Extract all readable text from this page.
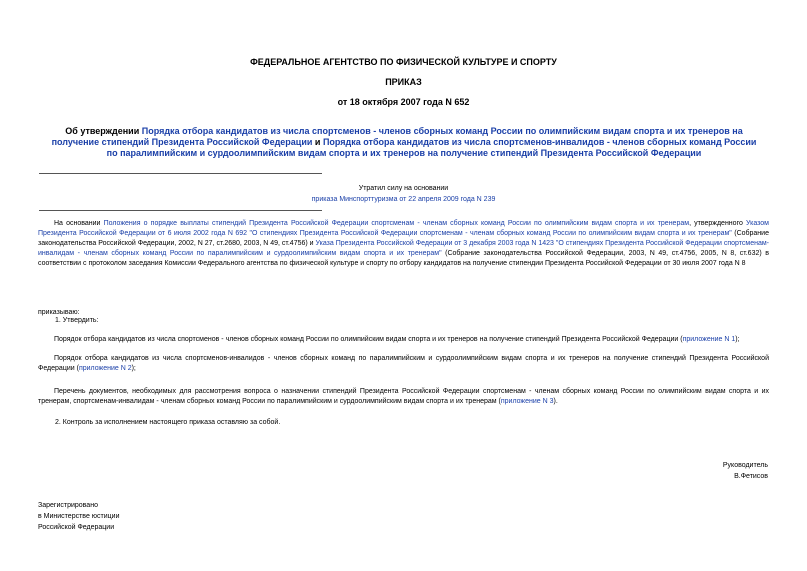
ФЕДЕРАЛЬНОЕ АГЕНТСТВО ПО ФИЗИЧЕСКОЙ КУЛЬТУРЕ И СПОРТУ
ПРИКАЗ
от 18 октября 2007 года N 652
Об утверждении Порядка отбора кандидатов из числа спортсменов - членов сборных команд России по олимпийским видам спорта и их тренеров на получение стипендий Президента Российской Федерации и Порядка отбора кандидатов из числа спортсменов-инвалидов - членов сборных команд России по паралимпийским и сурдоолимпийским видам спорта и их тренеров на получение стипендий Президента Российской Федерации
Утратил силу на основании
приказа Минспорттуризма от 22 апреля 2009 года N 239
На основании Положения о порядке выплаты стипендий Президента Российской Федерации спортсменам - членам сборных команд России по олимпийским видам спорта и их тренерам, утвержденного Указом Президента Российской Федерации от 6 июля 2002 года N 692 "О стипендиях Президента Российской Федерации спортсменам - членам сборных команд России по олимпийским видам спорта и их тренерам" (Собрание законодательства Российской Федерации, 2002, N 27, ст.2680, 2003, N 49, ст.4756) и Указа Президента Российской Федерации от 3 декабря 2003 года N 1423 "О стипендиях Президента Российской Федерации спортсменам-инвалидам - членам сборных команд России по паралимпийским и сурдоолимпийским видам спорта и их тренерам" (Собрание законодательства Российской Федерации, 2003, N 49, ст.4756, 2005, N 8, ст.632) в соответствии с протоколом заседания Комиссии Федерального агентства по физической культуре и спорту по отбору кандидатов на получение стипендии Президента Российской Федерации от 30 июля 2007 года N 8
приказываю:
1. Утвердить:
Порядок отбора кандидатов из числа спортсменов - членов сборных команд России по олимпийским видам спорта и их тренеров на получение стипендий Президента Российской Федерации (приложение N 1);
Порядок отбора кандидатов из числа спортсменов-инвалидов - членов сборных команд по паралимпийским и сурдоолимпийским видам спорта и их тренеров на получение стипендий Президента Российской Федерации (приложение N 2);
Перечень документов, необходимых для рассмотрения вопроса о назначении стипендий Президента Российской Федерации спортсменам - членам сборных команд России по олимпийским видам спорта и их тренерам, спортсменам-инвалидам - членам сборных команд России по паралимпийским и сурдоолимпийским видам спорта и их тренерам (приложение N 3).
2. Контроль за исполнением настоящего приказа оставляю за собой.
Руководитель
В.Фетисов
Зарегистрировано
в Министерстве юстиции
Российской Федерации
